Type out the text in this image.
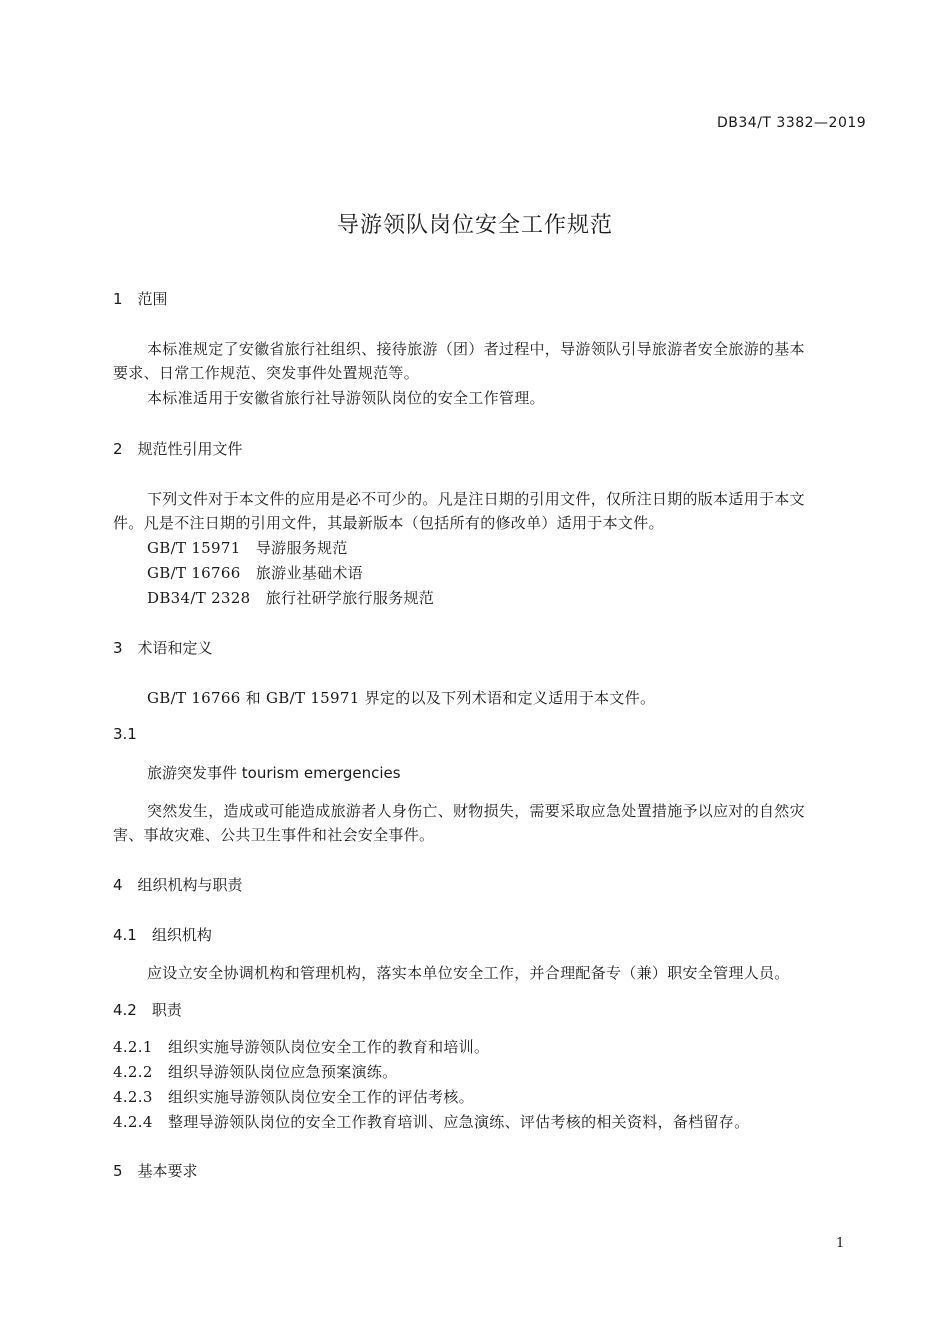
DB34/T 3382—2019
导游领队岗位安全工作规范
1　范围
本标准规定了安徽省旅行社组织、接待旅游（团）者过程中，导游领队引导旅游者安全旅游的基本
要求、日常工作规范、突发事件处置规范等。
本标准适用于安徽省旅行社导游领队岗位的安全工作管理。
2　规范性引用文件
下列文件对于本文件的应用是必不可少的。凡是注日期的引用文件，仅所注日期的版本适用于本文
件。凡是不注日期的引用文件，其最新版本（包括所有的修改单）适用于本文件。
GB/T 15971　导游服务规范
GB/T 16766　旅游业基础术语
DB34/T 2328　旅行社研学旅行服务规范
3　术语和定义
GB/T 16766 和 GB/T 15971 界定的以及下列术语和定义适用于本文件。
3.1
旅游突发事件 tourism emergencies
突然发生，造成或可能造成旅游者人身伤亡、财物损失，需要采取应急处置措施予以应对的自然灾
害、事故灾难、公共卫生事件和社会安全事件。
4　组织机构与职责
4.1　组织机构
应设立安全协调机构和管理机构，落实本单位安全工作，并合理配备专（兼）职安全管理人员。
4.2　职责
4.2.1　组织实施导游领队岗位安全工作的教育和培训。
4.2.2　组织导游领队岗位应急预案演练。
4.2.3　组织实施导游领队岗位安全工作的评估考核。
4.2.4　整理导游领队岗位的安全工作教育培训、应急演练、评估考核的相关资料，备档留存。
5　基本要求
1
